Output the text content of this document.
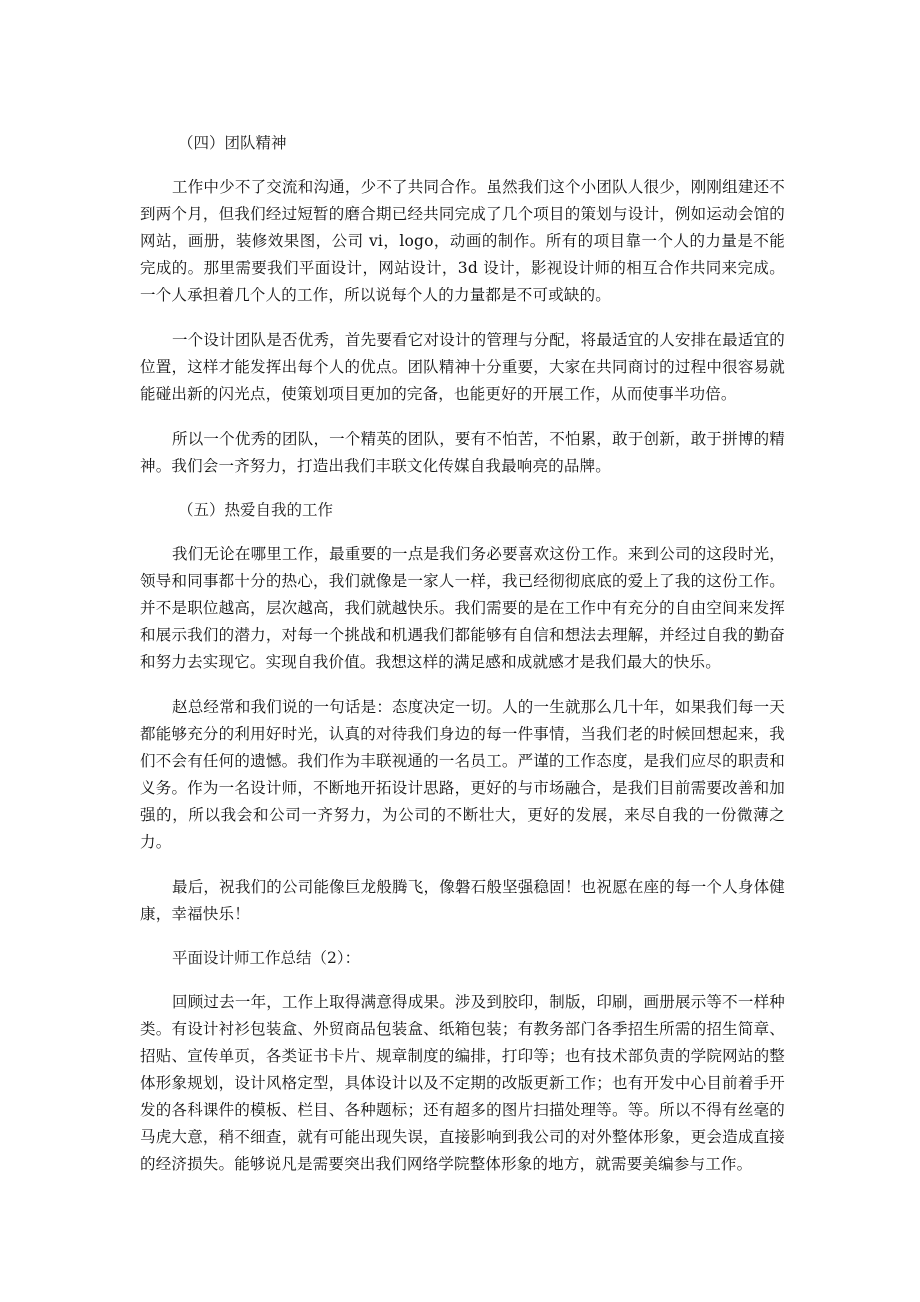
（四）团队精神

工作中少不了交流和沟通，少不了共同合作。虽然我们这个小团队人很少，刚刚组建还不到两个月，但我们经过短暂的磨合期已经共同完成了几个项目的策划与设计，例如运动会馆的网站，画册，装修效果图，公司 vi，logo，动画的制作。所有的项目靠一个人的力量是不能完成的。那里需要我们平面设计，网站设计，3d 设计，影视设计师的相互合作共同来完成。一个人承担着几个人的工作，所以说每个人的力量都是不可或缺的。

一个设计团队是否优秀，首先要看它对设计的管理与分配，将最适宜的人安排在最适宜的位置，这样才能发挥出每个人的优点。团队精神十分重要，大家在共同商讨的过程中很容易就能碰出新的闪光点，使策划项目更加的完备，也能更好的开展工作，从而使事半功倍。

所以一个优秀的团队，一个精英的团队，要有不怕苦，不怕累，敢于创新，敢于拼博的精神。我们会一齐努力，打造出我们丰联文化传媒自我最响亮的品牌。

（五）热爱自我的工作

我们无论在哪里工作，最重要的一点是我们务必要喜欢这份工作。来到公司的这段时光，领导和同事都十分的热心，我们就像是一家人一样，我已经彻彻底底的爱上了我的这份工作。并不是职位越高，层次越高，我们就越快乐。我们需要的是在工作中有充分的自由空间来发挥和展示我们的潜力，对每一个挑战和机遇我们都能够有自信和想法去理解，并经过自我的勤奋和努力去实现它。实现自我价值。我想这样的满足感和成就感才是我们最大的快乐。

赵总经常和我们说的一句话是：态度决定一切。人的一生就那么几十年，如果我们每一天都能够充分的利用好时光，认真的对待我们身边的每一件事情，当我们老的时候回想起来，我们不会有任何的遗憾。我们作为丰联视通的一名员工。严谨的工作态度，是我们应尽的职责和义务。作为一名设计师，不断地开拓设计思路，更好的与市场融合，是我们目前需要改善和加强的，所以我会和公司一齐努力，为公司的不断壮大，更好的发展，来尽自我的一份微薄之力。

最后，祝我们的公司能像巨龙般腾飞，像磐石般坚强稳固！也祝愿在座的每一个人身体健康，幸福快乐！

平面设计师工作总结（2）：

回顾过去一年，工作上取得满意得成果。涉及到胶印，制版，印刷，画册展示等不一样种类。有设计衬衫包装盒、外贸商品包装盒、纸箱包装；有教务部门各季招生所需的招生简章、招贴、宣传单页，各类证书卡片、规章制度的编排，打印等；也有技术部负责的学院网站的整体形象规划，设计风格定型，具体设计以及不定期的改版更新工作；也有开发中心目前着手开发的各科课件的模板、栏目、各种题标；还有超多的图片扫描处理等。等。所以不得有丝毫的马虎大意，稍不细查，就有可能出现失误，直接影响到我公司的对外整体形象，更会造成直接的经济损失。能够说凡是需要突出我们网络学院整体形象的地方，就需要美编参与工作。
